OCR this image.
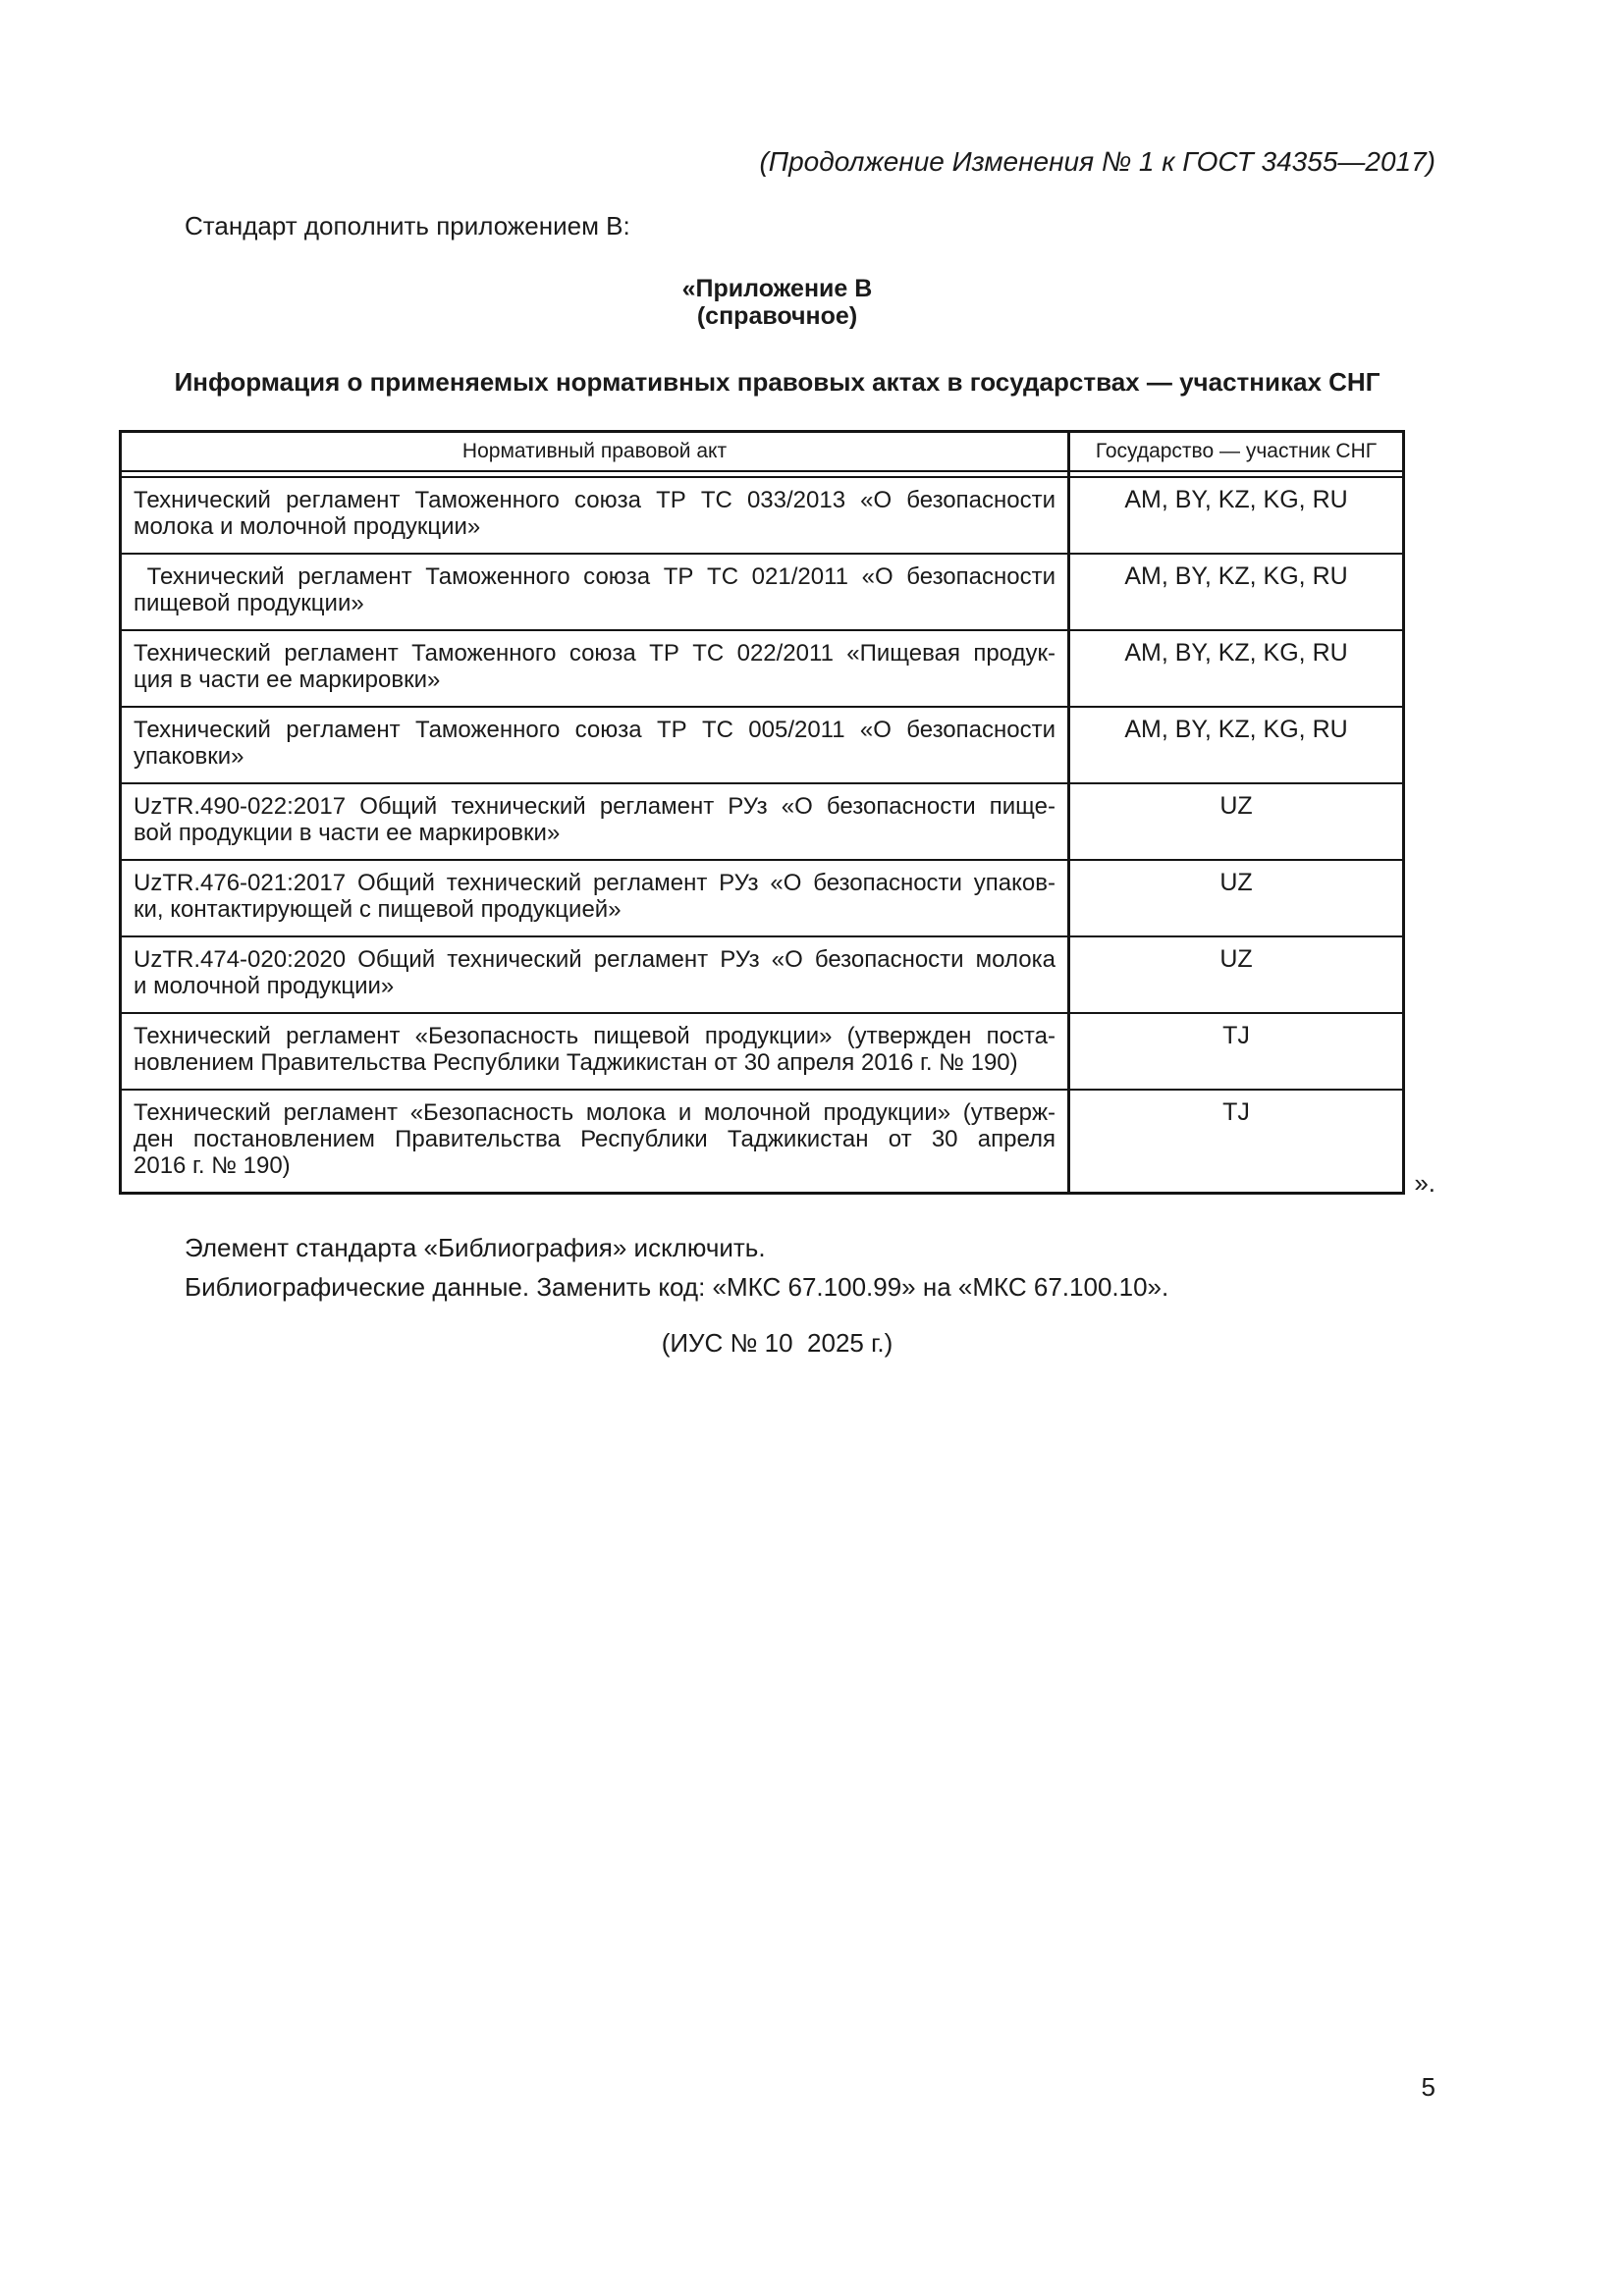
(Продолжение Изменения № 1 к ГОСТ 34355—2017)
Стандарт дополнить приложением В:
«Приложение В
(справочное)
Информация о применяемых нормативных правовых актах в государствах — участниках СНГ
Нормативный правовой акт	Государство — участник СНГ

Технический регламент Таможенного союза ТР ТС 033/2013 «О безопасности
молока и молочной продукции»	AM, BY, KZ, KG, RU

Технический регламент Таможенного союза ТР ТС 021/2011 «О безопасности
пищевой продукции»	AM, BY, KZ, KG, RU

Технический регламент Таможенного союза ТР ТС 022/2011 «Пищевая продук-
ция в части ее маркировки»	AM, BY, KZ, KG, RU

Технический регламент Таможенного союза ТР ТС 005/2011 «О безопасности
упаковки»	AM, BY, KZ, KG, RU

UzTR.490-022:2017 Общий технический регламент РУз «О безопасности пище-
вой продукции в части ее маркировки»	UZ

UzTR.476-021:2017 Общий технический регламент РУз «О безопасности упаков-
ки, контактирующей с пищевой продукцией»	UZ

UzTR.474-020:2020 Общий технический регламент РУз «О безопасности молока
и молочной продукции»	UZ

Технический регламент «Безопасность пищевой продукции» (утвержден поста-
новлением Правительства Республики Таджикистан от 30 апреля 2016 г. № 190)	TJ

Технический регламент «Безопасность молока и молочной продукции» (утверж-
ден постановлением Правительства Республики Таджикистан от 30 апреля
2016 г. № 190)	TJ
».
Элемент стандарта «Библиография» исключить.
Библиографические данные. Заменить код: «МКС 67.100.99» на «МКС 67.100.10».
(ИУС № 10  2025 г.)
5
